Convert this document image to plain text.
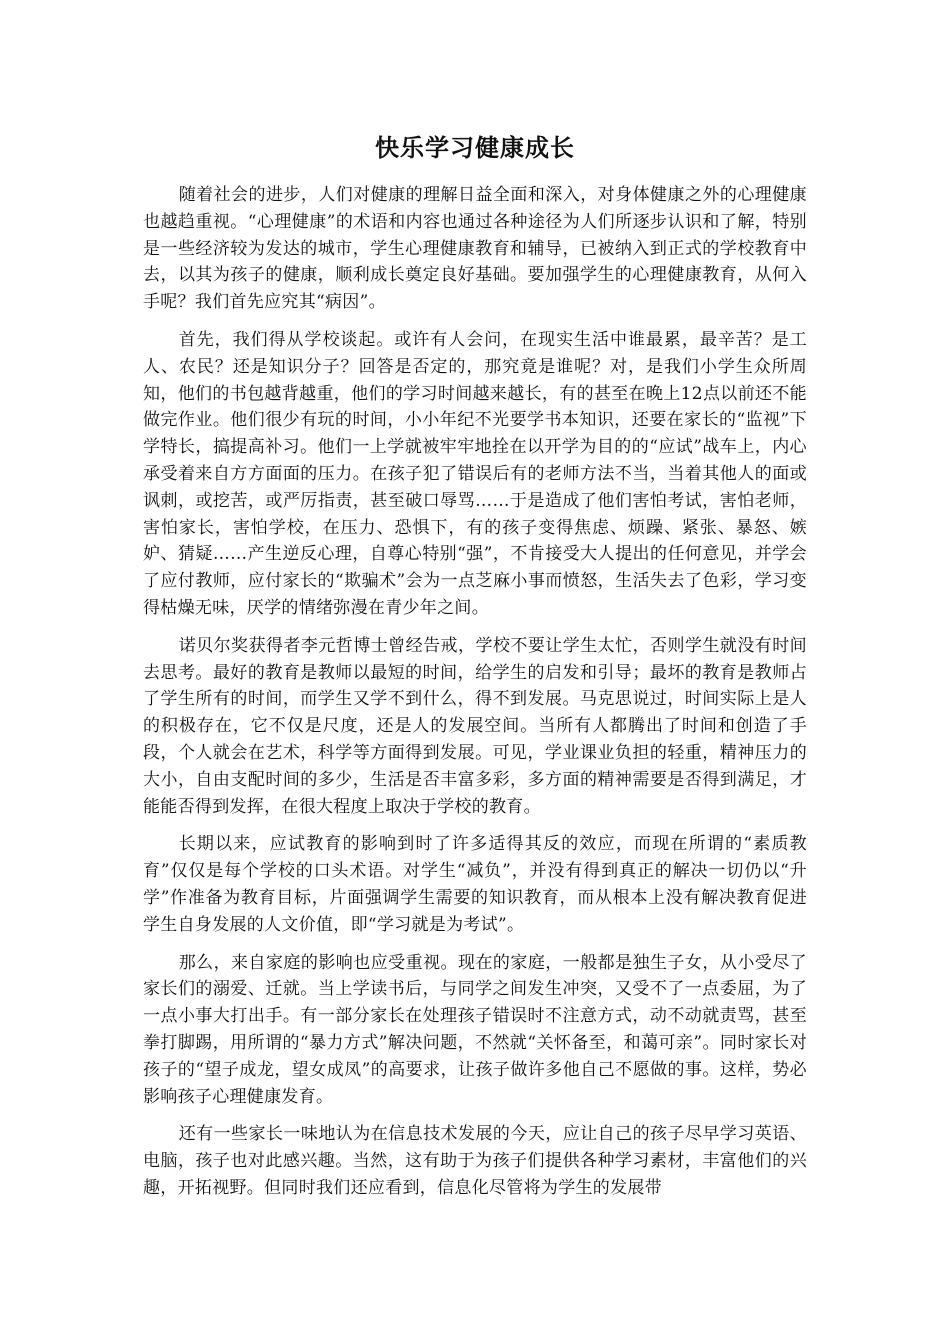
快乐学习健康成长

随着社会的进步，人们对健康的理解日益全面和深入，对身体健康之外的心理健康也越趋重视。“心理健康”的术语和内容也通过各种途径为人们所逐步认识和了解，特别是一些经济较为发达的城市，学生心理健康教育和辅导，已被纳入到正式的学校教育中去，以其为孩子的健康，顺利成长奠定良好基础。要加强学生的心理健康教育，从何入手呢？我们首先应究其“病因”。

首先，我们得从学校谈起。或许有人会问，在现实生活中谁最累，最辛苦？是工人、农民？还是知识分子？回答是否定的，那究竟是谁呢？对，是我们小学生众所周知，他们的书包越背越重，他们的学习时间越来越长，有的甚至在晚上12点以前还不能做完作业。他们很少有玩的时间，小小年纪不光要学书本知识，还要在家长的“监视”下学特长，搞提高补习。他们一上学就被牢牢地拴在以开学为目的的“应试”战车上，内心承受着来自方方面面的压力。在孩子犯了错误后有的老师方法不当，当着其他人的面或讽刺，或挖苦，或严厉指责，甚至破口辱骂……于是造成了他们害怕考试，害怕老师，害怕家长，害怕学校，在压力、恐惧下，有的孩子变得焦虑、烦躁、紧张、暴怒、嫉妒、猜疑……产生逆反心理，自尊心特别“强”，不肯接受大人提出的任何意见，并学会了应付教师，应付家长的“欺骗术”会为一点芝麻小事而愤怒，生活失去了色彩，学习变得枯燥无味，厌学的情绪弥漫在青少年之间。

诺贝尔奖获得者李元哲博士曾经告戒，学校不要让学生太忙，否则学生就没有时间去思考。最好的教育是教师以最短的时间，给学生的启发和引导；最坏的教育是教师占了学生所有的时间，而学生又学不到什么，得不到发展。马克思说过，时间实际上是人的积极存在，它不仅是尺度，还是人的发展空间。当所有人都腾出了时间和创造了手段，个人就会在艺术，科学等方面得到发展。可见，学业课业负担的轻重，精神压力的大小，自由支配时间的多少，生活是否丰富多彩，多方面的精神需要是否得到满足，才能能否得到发挥，在很大程度上取决于学校的教育。

长期以来，应试教育的影响到时了许多适得其反的效应，而现在所谓的“素质教育”仅仅是每个学校的口头术语。对学生“减负”，并没有得到真正的解决一切仍以“升学”作准备为教育目标，片面强调学生需要的知识教育，而从根本上没有解决教育促进学生自身发展的人文价值，即“学习就是为考试”。

那么，来自家庭的影响也应受重视。现在的家庭，一般都是独生子女，从小受尽了家长们的溺爱、迁就。当上学读书后，与同学之间发生冲突，又受不了一点委屈，为了一点小事大打出手。有一部分家长在处理孩子错误时不注意方式，动不动就责骂，甚至拳打脚踢，用所谓的“暴力方式”解决问题，不然就“关怀备至，和蔼可亲”。同时家长对孩子的“望子成龙，望女成凤”的高要求，让孩子做许多他自己不愿做的事。这样，势必影响孩子心理健康发育。

还有一些家长一味地认为在信息技术发展的今天，应让自己的孩子尽早学习英语、电脑，孩子也对此感兴趣。当然，这有助于为孩子们提供各种学习素材，丰富他们的兴趣，开拓视野。但同时我们还应看到，信息化尽管将为学生的发展带
